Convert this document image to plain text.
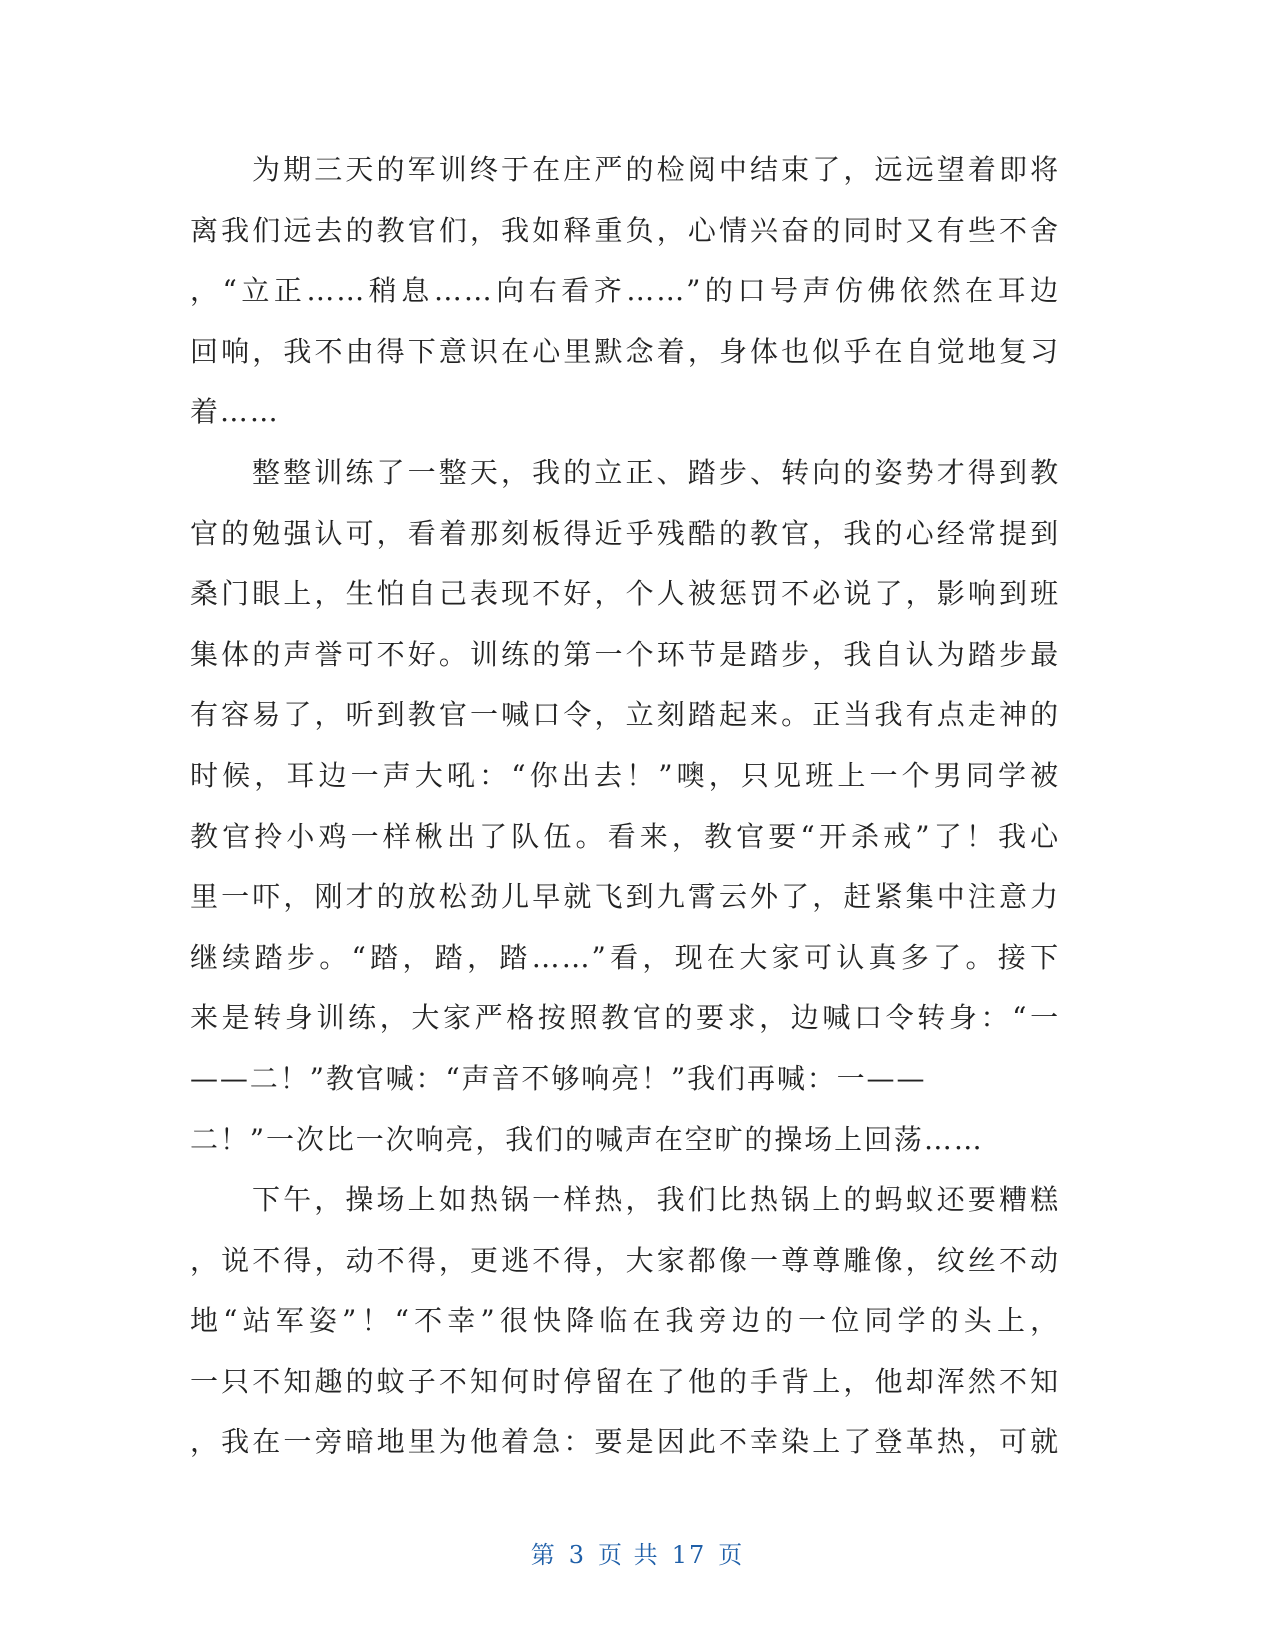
为期三天的军训终于在庄严的检阅中结束了，远远望着即将
离我们远去的教官们，我如释重负，心情兴奋的同时又有些不舍
，“立正……稍息……向右看齐……”的口号声仿佛依然在耳边
回响，我不由得下意识在心里默念着，身体也似乎在自觉地复习
着……
整整训练了一整天，我的立正、踏步、转向的姿势才得到教
官的勉强认可，看着那刻板得近乎残酷的教官，我的心经常提到
桑门眼上，生怕自己表现不好，个人被惩罚不必说了，影响到班
集体的声誉可不好。训练的第一个环节是踏步，我自认为踏步最
有容易了，听到教官一喊口令，立刻踏起来。正当我有点走神的
时候，耳边一声大吼：“你出去！”噢，只见班上一个男同学被
教官拎小鸡一样楸出了队伍。看来，教官要“开杀戒”了！我心
里一吓，刚才的放松劲儿早就飞到九霄云外了，赶紧集中注意力
继续踏步。“踏，踏，踏……”看，现在大家可认真多了。接下
来是转身训练，大家严格按照教官的要求，边喊口令转身：“一
——二！”教官喊：“声音不够响亮！”我们再喊：一——
二！”一次比一次响亮，我们的喊声在空旷的操场上回荡……
下午，操场上如热锅一样热，我们比热锅上的蚂蚁还要糟糕
，说不得，动不得，更逃不得，大家都像一尊尊雕像，纹丝不动
地“站军姿”！“不幸”很快降临在我旁边的一位同学的头上，
一只不知趣的蚊子不知何时停留在了他的手背上，他却浑然不知
，我在一旁暗地里为他着急：要是因此不幸染上了登革热，可就
第 3 页 共 17 页
